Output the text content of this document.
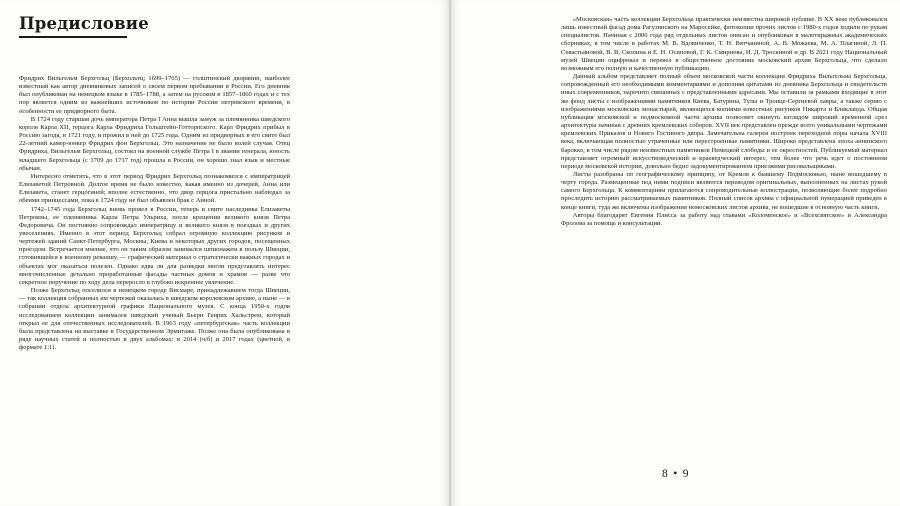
Предисловие

Фридрих Вильгельм Берхгольц (Берхольтц; 1699–1765) — голштинский дворянин, наиболее известный как автор дневниковых записей о своем первом пребывании в России. Его дневник был опубликован на немецком языке в 1785–1788, а затем на русском в 1857–1860 годах и с тех пор является одним из важнейших источников по истории России петровского времени, в особенности ее придворного быта.

В 1724 году старшая дочь императора Петра I Анна вышла замуж за племянника шведского короля Карла XII, герцога Карла Фридриха Гольштейн-Готторпского. Карл Фридрих прибыл в Россию загодя, в 1721 году, и прожил в ней до 1725 года. Одним из придворных в его свите был 22-летний камер-юнкер Фридрих фон Берхгольц. Это назначение не было волей случая. Отец Фридриха, Вильгельм Берхгольц, состоял на военной службе Петра I в звании генерала, юность младшего Берхгольца (с 1709 до 1717 год) прошла в России, он хорошо знал язык и местные обычаи.

Интересно отметить, что в этот период Фридрих Берхгольц познакомился с императрицей Елизаветой Петровной. Долгое время не было известно, какая именно из дочерей, Анна или Елизавета, станет герцогиней; вполне естественно, что двор герцога пристально наблюдал за обеими принцессами, пока в 1724 году не был объявлен брак с Анной.

1742–1745 года Берхгольц вновь провел в России, теперь в свите наследника Елизаветы Петровны, ее племянника Карла Петра Ульриха, после крещения великого князя Петра Федоровича. Он постоянно сопровождал императрицу и великого князя в поездках и других увеселениях. Именно в этот период Берхгольц собрал огромную коллекцию рисунков и чертежей зданий Санкт-Петербурга, Москвы, Киева и некоторых других городов, посещенных проездом. Встречается мнение, что он таким образом занимался шпионажем в пользу Швеции, готовившейся к военному реваншу, — графический материал о стратегически важных городах и объектах мог оказаться полезен. Однако едва ли для разведки могли представлять интерес многочисленные детально проработанные фасады частных домов и храмов — разве что секретное поручение по ходу дела переросло в глубоко искреннее увлечение.

Позже Берхгольц поселился в немецком городе Висмаре, принадлежавшем тогда Швеции, — так коллекция собранных им чертежей оказалась в шведском королевском архиве, а ныне — в собрании отдела архитектурной графики Национального музея. С конца 1950-х годов исследованием коллекции занимался шведский ученый Бьерн Генрих Хальстрем, который открыл ее для отечественных исследователей. В 1963 году «петербургская» часть коллекции была представлена на выставке в Государственном Эрмитаже. Позже она была опубликована в ряде научных статей и полностью в двух альбомах: в 2014 (ч/б) и 2017 годах (цветной, в формате 1:1).

«Московская» часть коллекции Берхгольца практически неизвестна широкой публике. В XX веке публиковался лишь известный фасад дома Рагузинского на Маросейке, фотокопии прочих листов с 1980-х годов ходили по рукам специалистов. Начиная с 2006 года ряд отдельных листов описан и опубликован в малотиражных академических сборниках, в том числе в работах М. В. Вдовиченко, Т. Н. Вятчаниной, А. В. Можаева, М. А. Плагиной, Л. П. Севастьяновой, В. В. Скопина и Е. Н. Осиповой, Г. К. Смирнова, И. Д. Троскиной и др. В 2021 году Национальный музей Швеции оцифровал и перевел в общественное достояние московский архив Берхгольца, что сделало возможным его полную и качественную публикацию.

Данный альбом представляет полный объем московской части коллекции Фридриха Вильгельма Берхгольца, сопровожденный его необходимыми комментариями и дополняя цитатами из дневника Берхгольца и свидетельств иных современников, нарочито связанных с представленными адресами. Мы оставили за рамками входящие в этот же фонд листы с изображениями памятников Киева, Батурина, Тулы и Троице-Сергиевой лавры, а также серию с изображениями московских монастырей, являющихся копиями известных рисунков Пикарта и Бликланда. Общая публикация московской и подмосковной части архива позволяет окинуть взглядом широкий временной срез архитектуры начиная с древних кремлевских соборов. XVII век представлен прежде всего уникальными чертежами кремлевских Приказов и Нового Гостиного двора. Замечательна галерея построек переходной поры начала XVIII века, включающая полностью утраченные или перестроенные памятники. Широко представлена эпоха аннинского барокко, в том числе рядом неизвестных памятников Немецкой слободы и ее окрестностей. Публикуемый материал представляет огромный искусствоведческий и краеведческий интерес, тем более что речь идет о постоянном периоде московской истории, довольно бедно задокументированном приезжими рисовальщиками.

Листы разобраны по географическому принципу, от Кремля к бывшему Подмосковью, ныне вошедшему в черту города. Размещенные под ними подписи являются переводом оригинальных, выполненных на листах рукой самого Берхгольца. К комментариям прилагаются сопроводительные иллюстрации, позволяющие более подробно проследить историю рассматриваемых памятников. Полный список архива с официальной нумерацией приведен в конце книги, туда же включены изображения немосковских листов архива, не вошедшие в основную часть книги.

Авторы благодарят Евгения Плисса за работу над главами «Коломенское» и «Всехсвятское» и Александра Фролова за помощь и консультации.

8 • 9
